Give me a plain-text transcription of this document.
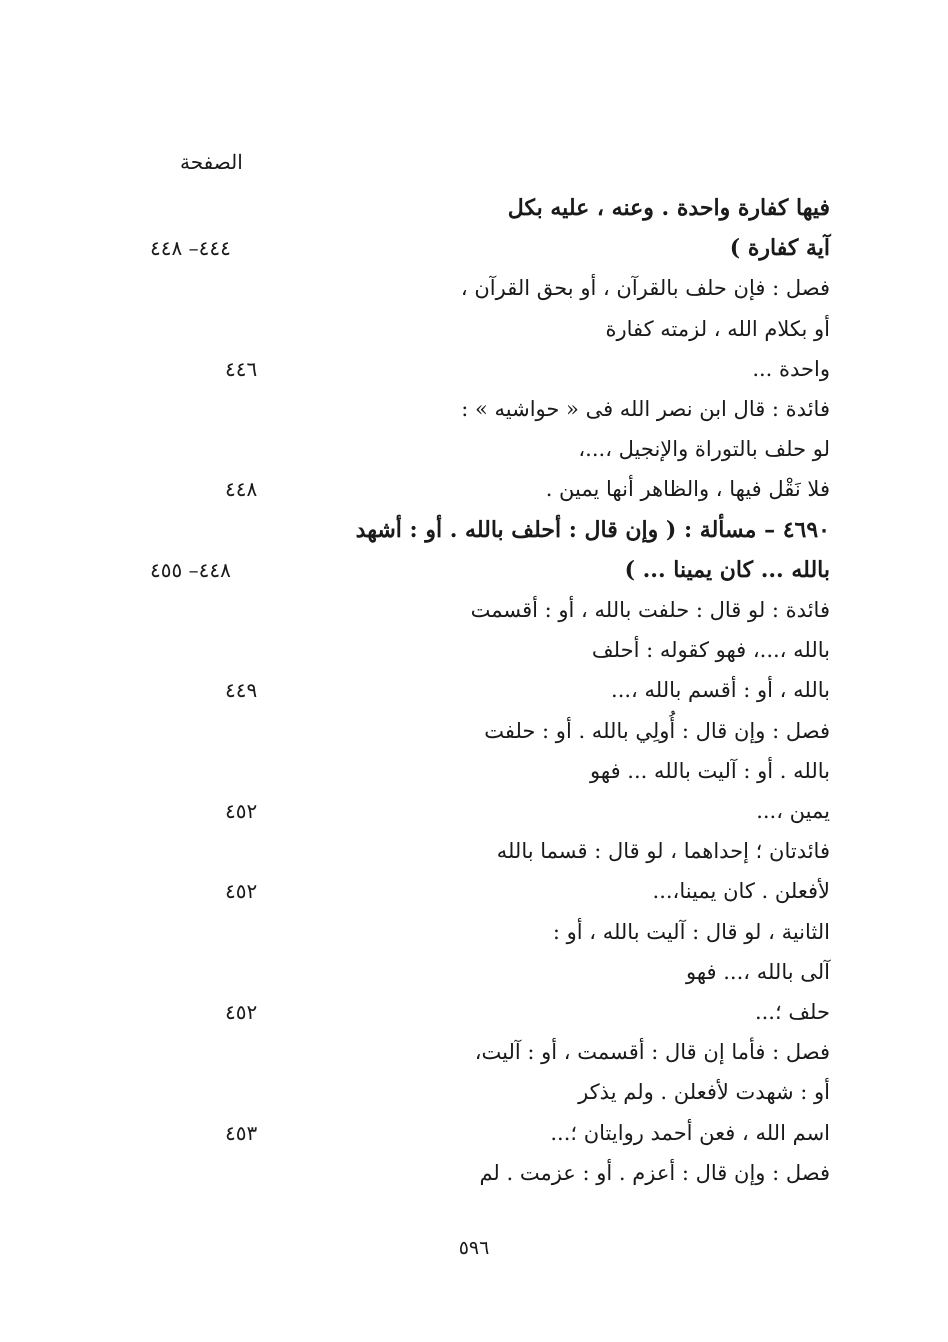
الصفحة
فيها كفارة واحدة . وعنه ، عليه بكل
آية كفارة )
٤٤٤– ٤٤٨
فصل : فإن حلف بالقرآن ، أو بحق القرآن ،
أو بكلام الله ، لزمته كفارة
واحدة ...
٤٤٦
فائدة : قال ابن نصر الله فى « حواشيه » :
لو حلف بالتوراة والإنجيل ،...،
فلا نَقْل فيها ، والظاهر أنها يمين .
٤٤٨
٤٦٩٠ – مسألة : ( وإن قال : أحلف بالله . أو : أشهد
بالله ... كان يمينا ... )
٤٤٨– ٤٥٥
فائدة : لو قال : حلفت بالله ، أو : أقسمت
بالله ،...، فهو كقوله : أحلف
بالله ، أو : أقسم بالله ،...
٤٤٩
فصل : وإن قال : أُولِي بالله . أو : حلفت
بالله . أو : آليت بالله ... فهو
يمين ،...
٤٥٢
فائدتان ؛ إحداهما ، لو قال : قسما بالله
لأفعلن . كان يمينا،...
٤٥٢
الثانية ، لو قال : آليت بالله ، أو :
آلى بالله ،... فهو
حلف ؛...
٤٥٢
فصل : فأما إن قال : أقسمت ، أو : آليت،
أو : شهدت لأفعلن . ولم يذكر
اسم الله ، فعن أحمد روايتان ؛...
٤٥٣
فصل : وإن قال : أعزم . أو : عزمت . لم
٥٩٦
